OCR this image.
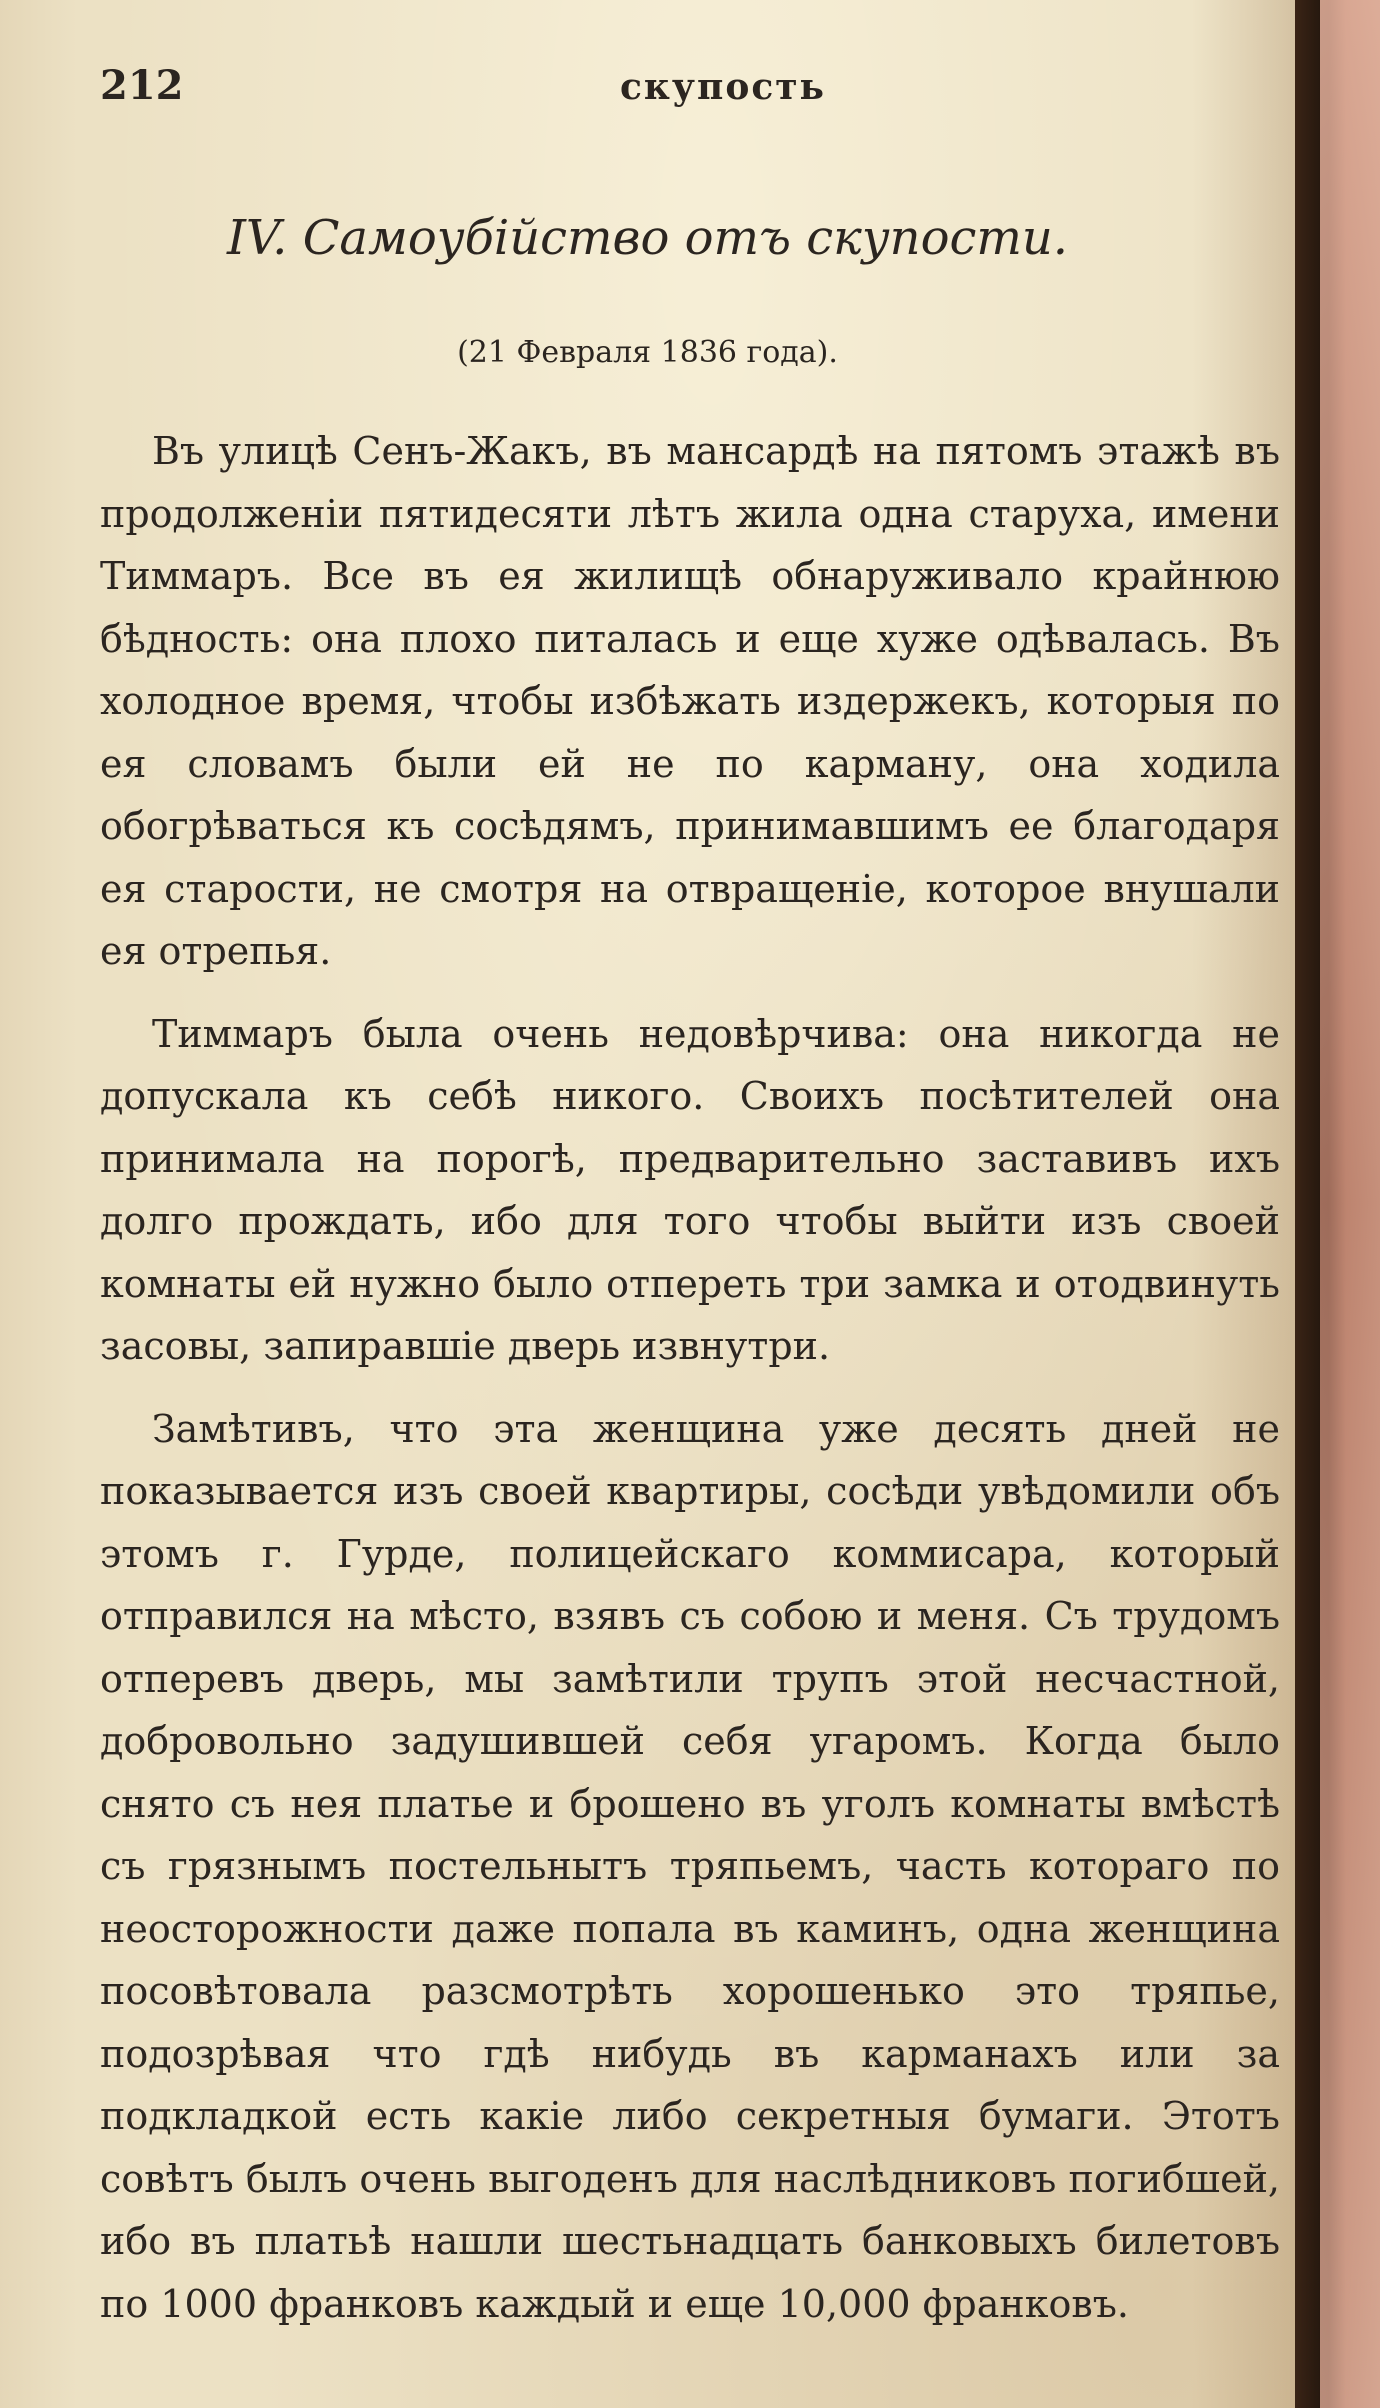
212	скупость
IV. Самоубійство отъ скупости.
(21 Февраля 1836 года).

Въ улицѣ Сенъ-Жакъ, въ мансардѣ на пятомъ этажѣ въ продолженіи пятидесяти лѣтъ жила одна старуха, имени Тиммаръ. Все въ ея жилищѣ обнаруживало крайнюю бѣдность: она плохо питалась и еще хуже одѣвалась. Въ холодное время, чтобы избѣжать издержекъ, которыя по ея словамъ были ей не по карману, она ходила обогрѣваться къ сосѣдямъ, принимавшимъ ее благодаря ея старости, не смотря на отвращеніе, которое внушали ея отрепья.

Тиммаръ была очень недовѣрчива: она никогда не допускала къ себѣ никого. Своихъ посѣтителей она принимала на порогѣ, предварительно заставивъ ихъ долго прождать, ибо для того чтобы выйти изъ своей комнаты ей нужно было отпереть три замка и отодвинуть засовы, запиравшіе дверь извнутри.

Замѣтивъ, что эта женщина уже десять дней не показывается изъ своей квартиры, сосѣди увѣдомили объ этомъ г. Гурде, полицейскаго коммисара, который отправился на мѣсто, взявъ съ собою и меня. Съ трудомъ отперевъ дверь, мы замѣтили трупъ этой несчастной, добровольно задушившей себя угаромъ. Когда было снято съ нея платье и брошено въ уголъ комнаты вмѣстѣ съ грязнымъ постельнытъ тряпьемъ, часть котораго по неосторожности даже попала въ каминъ, одна женщина посовѣтовала разсмотрѣть хорошенько это тряпье, подозрѣвая что гдѣ нибудь въ карманахъ или за подкладкой есть какіе либо секретныя бумаги. Этотъ совѣтъ былъ очень выгоденъ для наслѣдниковъ погибшей, ибо въ платьѣ нашли шестьнадцать банковыхъ билетовъ по 1000 франковъ каждый и еще 10,000 франковъ.
